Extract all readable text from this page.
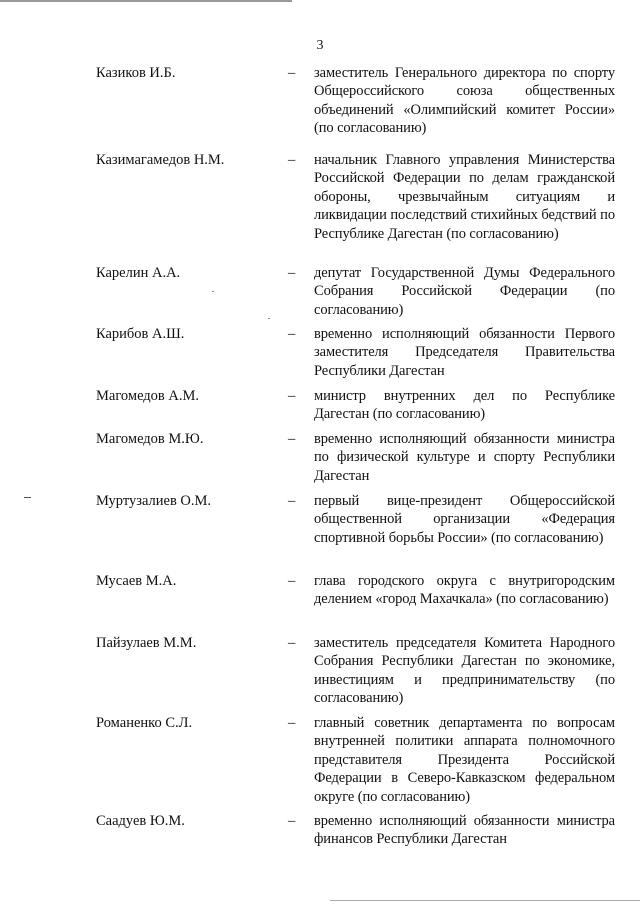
3
Казиков И.Б.	– заместитель Генерального директора по спорту Общероссийского союза общественных объединений «Олимпийский комитет России» (по согласованию)
Казимагамедов Н.М.	– начальник Главного управления Министерства Российской Федерации по делам гражданской обороны, чрезвычайным ситуациям и ликвидации последствий стихийных бедствий по Республике Дагестан (по согласованию)
Карелин А.А.	– депутат Государственной Думы Федерального Собрания Российской Федерации (по согласованию)
Карибов А.Ш.	– временно исполняющий обязанности Первого заместителя Председателя Правительства Республики Дагестан
Магомедов А.М.	– министр внутренних дел по Республике Дагестан (по согласованию)
Магомедов М.Ю.	– временно исполняющий обязанности министра по физической культуре и спорту Республики Дагестан
Муртузалиев О.М.	– первый вице-президент Общероссийской общественной организации «Федерация спортивной борьбы России» (по согласованию)
Мусаев М.А.	– глава городского округа с внутригородским делением «город Махачкала» (по согласованию)
Пайзулаев М.М.	– заместитель председателя Комитета Народного Собрания Республики Дагестан по экономике, инвестициям и предпринимательству (по согласованию)
Романенко С.Л.	– главный советник департамента по вопросам внутренней политики аппарата полномочного представителя Президента Российской Федерации в Северо-Кавказском федеральном округе (по согласованию)
Саадуев Ю.М.	– временно исполняющий обязанности министра финансов Республики Дагестан
